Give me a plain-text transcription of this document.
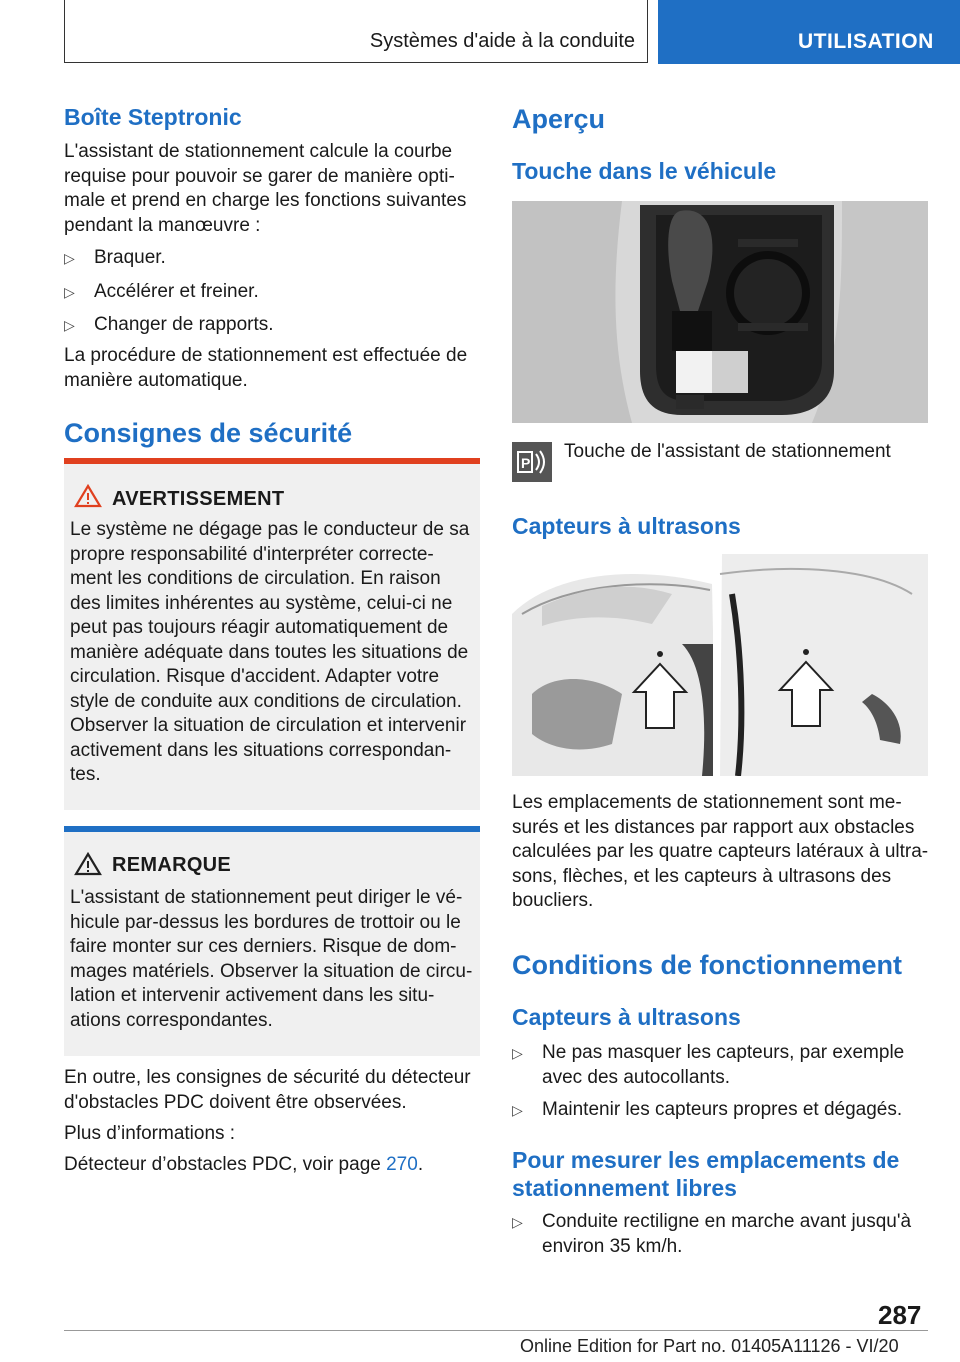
Systèmes d'aide à la conduite	UTILISATION
Boîte Steptronic
L'assistant de stationnement calcule la courbe
requise pour pouvoir se garer de manière opti-
male et prend en charge les fonctions suivantes
pendant la manœuvre :
▷ Braquer.
▷ Accélérer et freiner.
▷ Changer de rapports.
La procédure de stationnement est effectuée de
manière automatique.
Consignes de sécurité
AVERTISSEMENT
Le système ne dégage pas le conducteur de sa
propre responsabilité d'interpréter correcte-
ment les conditions de circulation. En raison
des limites inhérentes au système, celui-ci ne
peut pas toujours réagir automatiquement de
manière adéquate dans toutes les situations de
circulation. Risque d'accident. Adapter votre
style de conduite aux conditions de circulation.
Observer la situation de circulation et intervenir
activement dans les situations correspondan-
tes.
REMARQUE
L'assistant de stationnement peut diriger le vé-
hicule par-dessus les bordures de trottoir ou le
faire monter sur ces derniers. Risque de dom-
mages matériels. Observer la situation de circu-
lation et intervenir activement dans les situ-
ations correspondantes.
En outre, les consignes de sécurité du détecteur
d'obstacles PDC doivent être observées.
Plus d’informations :
Détecteur d’obstacles PDC, voir page 270.
Aperçu
Touche dans le véhicule
P
Touche de l'assistant de stationnement
Capteurs à ultrasons
Les emplacements de stationnement sont me-
surés et les distances par rapport aux obstacles
calculées par les quatre capteurs latéraux à ultra-
sons, flèches, et les capteurs à ultrasons des
boucliers.
Conditions de fonctionnement
Capteurs à ultrasons
▷ Ne pas masquer les capteurs, par exemple
avec des autocollants.
▷ Maintenir les capteurs propres et dégagés.
Pour mesurer les emplacements de
stationnement libres
▷ Conduite rectiligne en marche avant jusqu'à
environ 35 km/h.
287
Online Edition for Part no. 01405A11126 - VI/20
